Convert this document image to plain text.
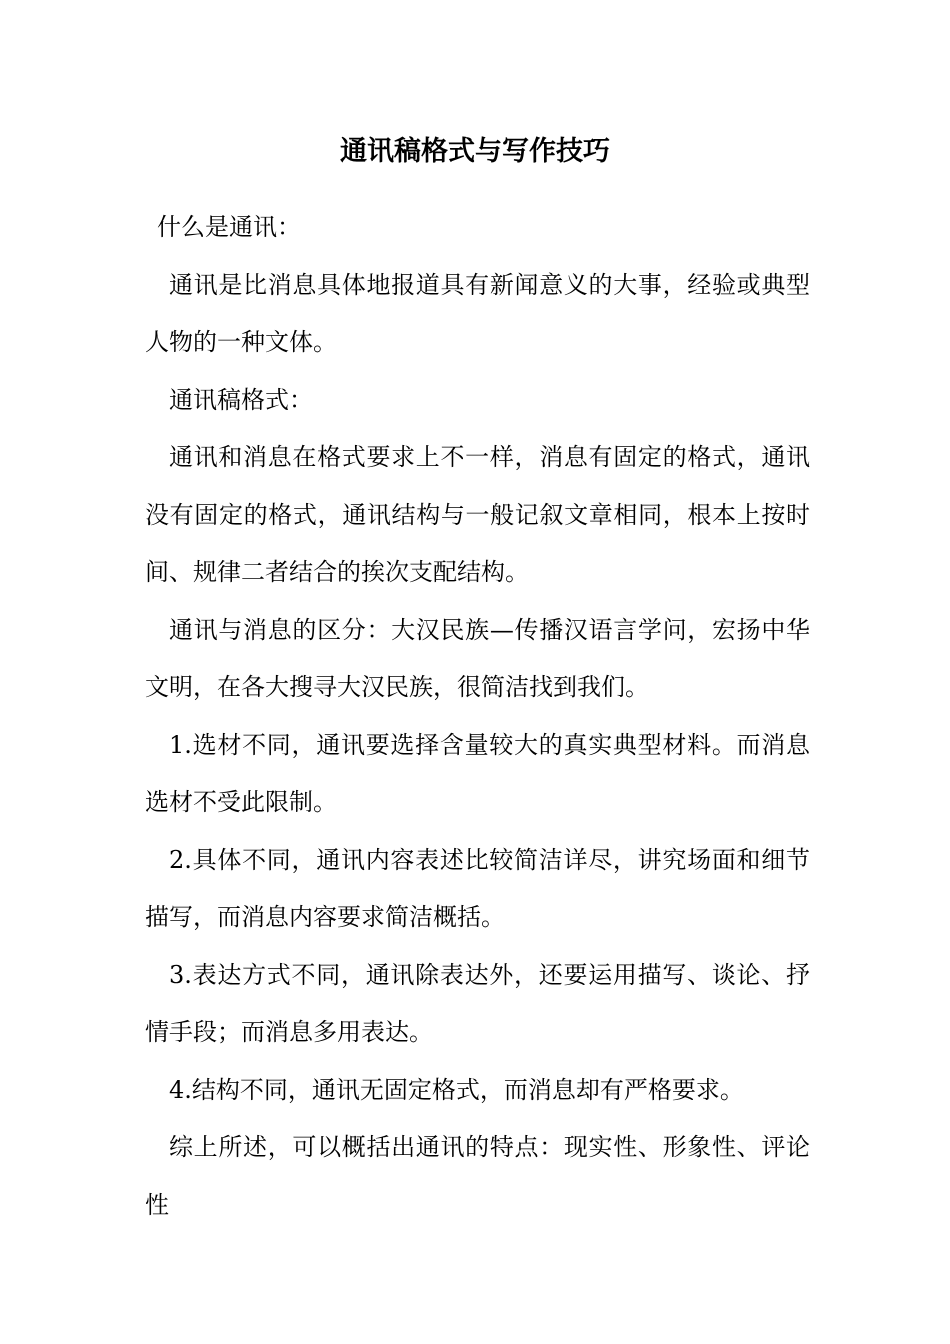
通讯稿格式与写作技巧

什么是通讯：

通讯是比消息具体地报道具有新闻意义的大事，经验或典型人物的一种文体。

通讯稿格式：

通讯和消息在格式要求上不一样，消息有固定的格式，通讯没有固定的格式，通讯结构与一般记叙文章相同，根本上按时间、规律二者结合的挨次支配结构。

通讯与消息的区分：大汉民族—传播汉语言学问，宏扬中华文明，在各大搜寻大汉民族，很简洁找到我们。

1.选材不同，通讯要选择含量较大的真实典型材料。而消息选材不受此限制。

2.具体不同，通讯内容表述比较简洁详尽，讲究场面和细节描写，而消息内容要求简洁概括。

3.表达方式不同，通讯除表达外，还要运用描写、谈论、抒情手段；而消息多用表达。

4.结构不同，通讯无固定格式，而消息却有严格要求。

综上所述，可以概括出通讯的特点：现实性、形象性、评论性
